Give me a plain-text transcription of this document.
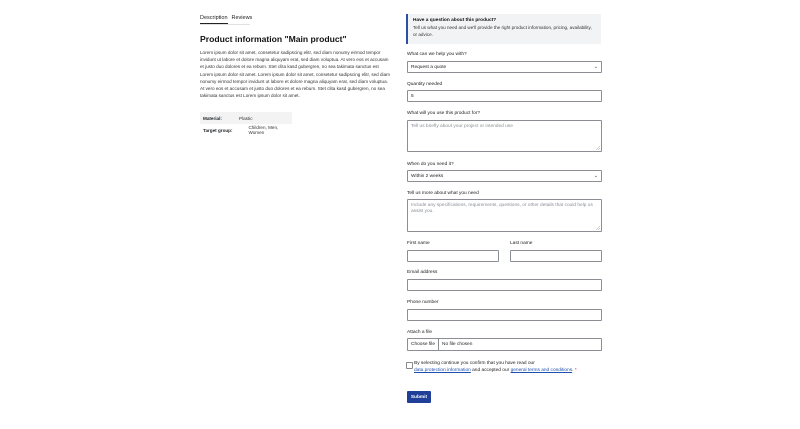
Description Reviews
Product information "Main product"

Lorem ipsum dolor sit amet, consetetur sadipscing elitr, sed diam nonumy eirmod tempor invidunt ut labore et dolore magna aliquyam erat, sed diam voluptua. At vero eos et accusam et justo duo dolores et ea rebum. Stet clita kasd gubergren, no sea takimata sanctus est Lorem ipsum dolor sit amet. Lorem ipsum dolor sit amet, consetetur sadipscing elitr, sed diam nonumy eirmod tempor invidunt ut labore et dolore magna aliquyam erat, sed diam voluptua. At vero eos et accusam et justo duo dolores et ea rebum. Stet clita kasd gubergren, no sea takimata sanctus est Lorem ipsum dolor sit amet.

Material:	Plastic
Target group:	Children, Men, Women
Have a question about this product?
Tell us what you need and we'll provide the right product information, pricing, availability, or advice.
What can we help you with?
Request a quote	⌄
Quantity needed
5
What will you use this product for?
Tell us briefly about your project or intended use
When do you need it?
Within 2 weeks	⌄
Tell us more about what you need
Include any specifications, requirements, questions, or other details that could help us assist you.
First name	Last name
Email address
Phone number
Attach a file
Choose file	No file chosen
By selecting continue you confirm that you have read our
data protection information and accepted our general terms and conditions. *
Submit
